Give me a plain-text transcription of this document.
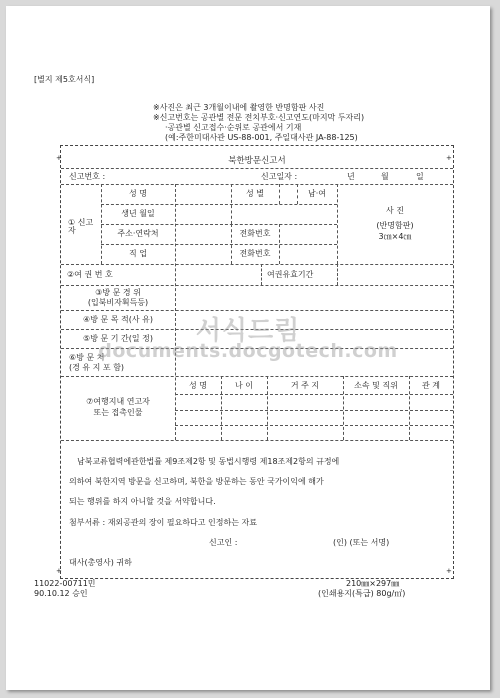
[별지 제5호서식]
※사진은 최근 3개월이내에 촬영한 반명함판 사진
※신고번호는 공관별 전문 전치부호·신고연도(마지막 두자리)
·공관별 신고접수·순위로 공관에서 기재
(예:주한미대사관 US-88-001, 주일대사관 JA-88-125)
북한방문신고서
신고번호 :	신고일자 :	년	월	일
① 신고자
성 명	성 별	남·여
생년 월일
주소·연락처	전화번호
직 업	전화번호
사 진
(반명함판)
3㎝×4㎝
②여 권 번 호	여권유효기간
③방 문 경 위
(입북비자획득등)
④방 문 목 적(사 유)
⑤방 문 기 간(일 정)
⑥방 문 처
(경 유 지 포 함)
⑦여행지내 연고자
또는 접촉인물
성 명	나 이	거 주 지	소속 및 직위	관 계
남북교류협력에관한법률 제9조제2항 및 동법시행령 제18조제2항의 규정에
의하여 북한지역 방문을 신고하며, 북한을 방문하는 동안 국가이익에 해가
되는 행위를 하지 아니할 것을 서약합니다.
첨부서류 : 재외공관의 장이 필요하다고 인정하는 자료
신고인 :	(인) (또는 서명)
대사(총영사) 귀하
+	+
+	+
11022-00711민
90.10.12 승인
210㎜×297㎜
(인쇄용지(특급) 80g/㎡)
서식드림
documents.docgotech.com
